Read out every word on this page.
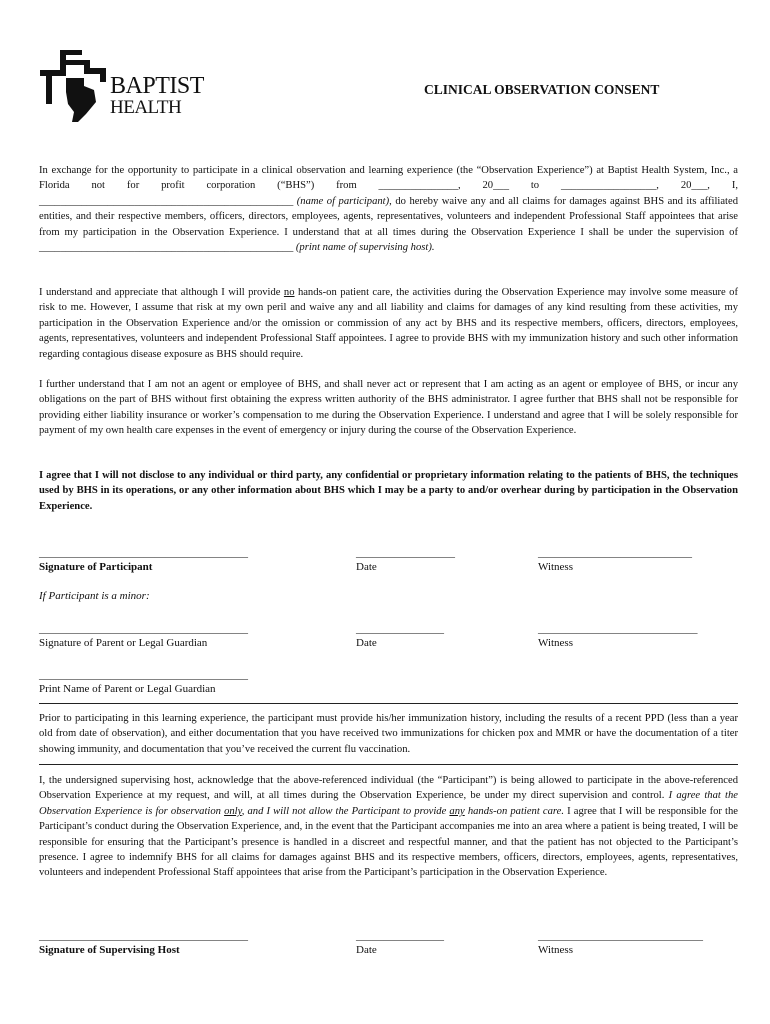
BAPTIST
HEALTH
CLINICAL OBSERVATION CONSENT

In exchange for the opportunity to participate in a clinical observation and learning experience (the “Observation Experience”) at Baptist Health System, Inc., a Florida not for profit corporation (“BHS”) from _______________, 20___ to __________________, 20___, I, ________________________________________________ (name of participant), do hereby waive any and all claims for damages against BHS and its affiliated entities, and their respective members, officers, directors, employees, agents, representatives, volunteers and independent Professional Staff appointees that arise from my participation in the Observation Experience. I understand that at all times during the Observation Experience I shall be under the supervision of ________________________________________________ (print name of supervising host).

I understand and appreciate that although I will provide no hands-on patient care, the activities during the Observation Experience may involve some measure of risk to me. However, I assume that risk at my own peril and waive any and all liability and claims for damages of any kind resulting from these activities, my participation in the Observation Experience and/or the omission or commission of any act by BHS and its respective members, officers, directors, employees, agents, representatives, volunteers and independent Professional Staff appointees. I agree to provide BHS with my immunization history and such other information regarding contagious disease exposure as BHS should require.

I further understand that I am not an agent or employee of BHS, and shall never act or represent that I am acting as an agent or employee of BHS, or incur any obligations on the part of BHS without first obtaining the express written authority of the BHS administrator. I agree further that BHS shall not be responsible for providing either liability insurance or worker’s compensation to me during the Observation Experience. I understand and agree that I will be solely responsible for payment of my own health care expenses in the event of emergency or injury during the course of the Observation Experience.

I agree that I will not disclose to any individual or third party, any confidential or proprietary information relating to the patients of BHS, the techniques used by BHS in its operations, or any other information about BHS which I may be a party to and/or overhear during by participation in the Observation Experience.

______________________________________
Signature of Participant
__________________
Date
____________________________
Witness
If Participant is a minor:
______________________________________
Signature of Parent or Legal Guardian
________________
Date
_____________________________
Witness
______________________________________
Print Name of Parent or Legal Guardian

Prior to participating in this learning experience, the participant must provide his/her immunization history, including the results of a recent PPD (less than a year old from date of observation), and either documentation that you have received two immunizations for chicken pox and MMR or have the documentation of a titer showing immunity, and documentation that you’ve received the current flu vaccination.

I, the undersigned supervising host, acknowledge that the above-referenced individual (the “Participant”) is being allowed to participate in the above-referenced Observation Experience at my request, and will, at all times during the Observation Experience, be under my direct supervision and control. I agree that the Observation Experience is for observation only, and I will not allow the Participant to provide any hands-on patient care. I agree that I will be responsible for the Participant’s conduct during the Observation Experience, and, in the event that the Participant accompanies me into an area where a patient is being treated, I will be responsible for ensuring that the Participant’s presence is handled in a discreet and respectful manner, and that the patient has not objected to the Participant’s presence. I agree to indemnify BHS for all claims for damages against BHS and its respective members, officers, directors, employees, agents, representatives, volunteers and independent Professional Staff appointees that arise from the Participant’s participation in the Observation Experience.

______________________________________
Signature of Supervising Host
________________
Date
______________________________
Witness
